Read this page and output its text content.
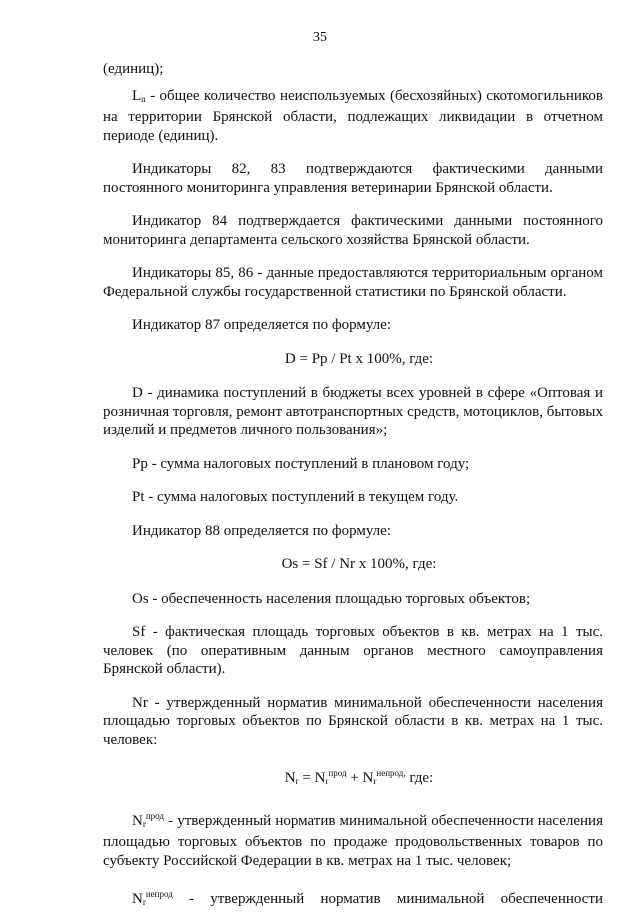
35

(единиц);

$L_n$ - общее количество неиспользуемых (бесхозяйных) скотомогильников на территории Брянской области, подлежащих ликвидации в отчетном периоде (единиц).

Индикаторы 82, 83 подтверждаются фактическими данными постоянного мониторинга управления ветеринарии Брянской области.

Индикатор 84 подтверждается фактическими данными постоянного мониторинга департамента сельского хозяйства Брянской области.

Индикаторы 85, 86 - данные предоставляются территориальным органом Федеральной службы государственной статистики по Брянской области.

Индикатор 87 определяется по формуле:

D = Pp / Pt x 100%, где:

D - динамика поступлений в бюджеты всех уровней в сфере «Оптовая и розничная торговля, ремонт автотранспортных средств, мотоциклов, бытовых изделий и предметов личного пользования»;

Pp - сумма налоговых поступлений в плановом году;

Pt - сумма налоговых поступлений в текущем году.

Индикатор 88 определяется по формуле:

Os = Sf / Nr x 100%, где:

Os - обеспеченность населения площадью торговых объектов;

Sf - фактическая площадь торговых объектов в кв. метрах на 1 тыс. человек (по оперативным данным органов местного самоуправления Брянской области).

Nr - утвержденный норматив минимальной обеспеченности населения площадью торговых объектов по Брянской области в кв. метрах на 1 тыс. человек:

$N_r = N_r^{прод} + N_r^{непрод,}$ где:

$N_r^{прод}$ - утвержденный норматив минимальной обеспеченности населения площадью торговых объектов по продаже продовольственных товаров по субъекту Российской Федерации в кв. метрах на 1 тыс. человек;

$N_r^{непрод}$ - утвержденный норматив минимальной обеспеченности
